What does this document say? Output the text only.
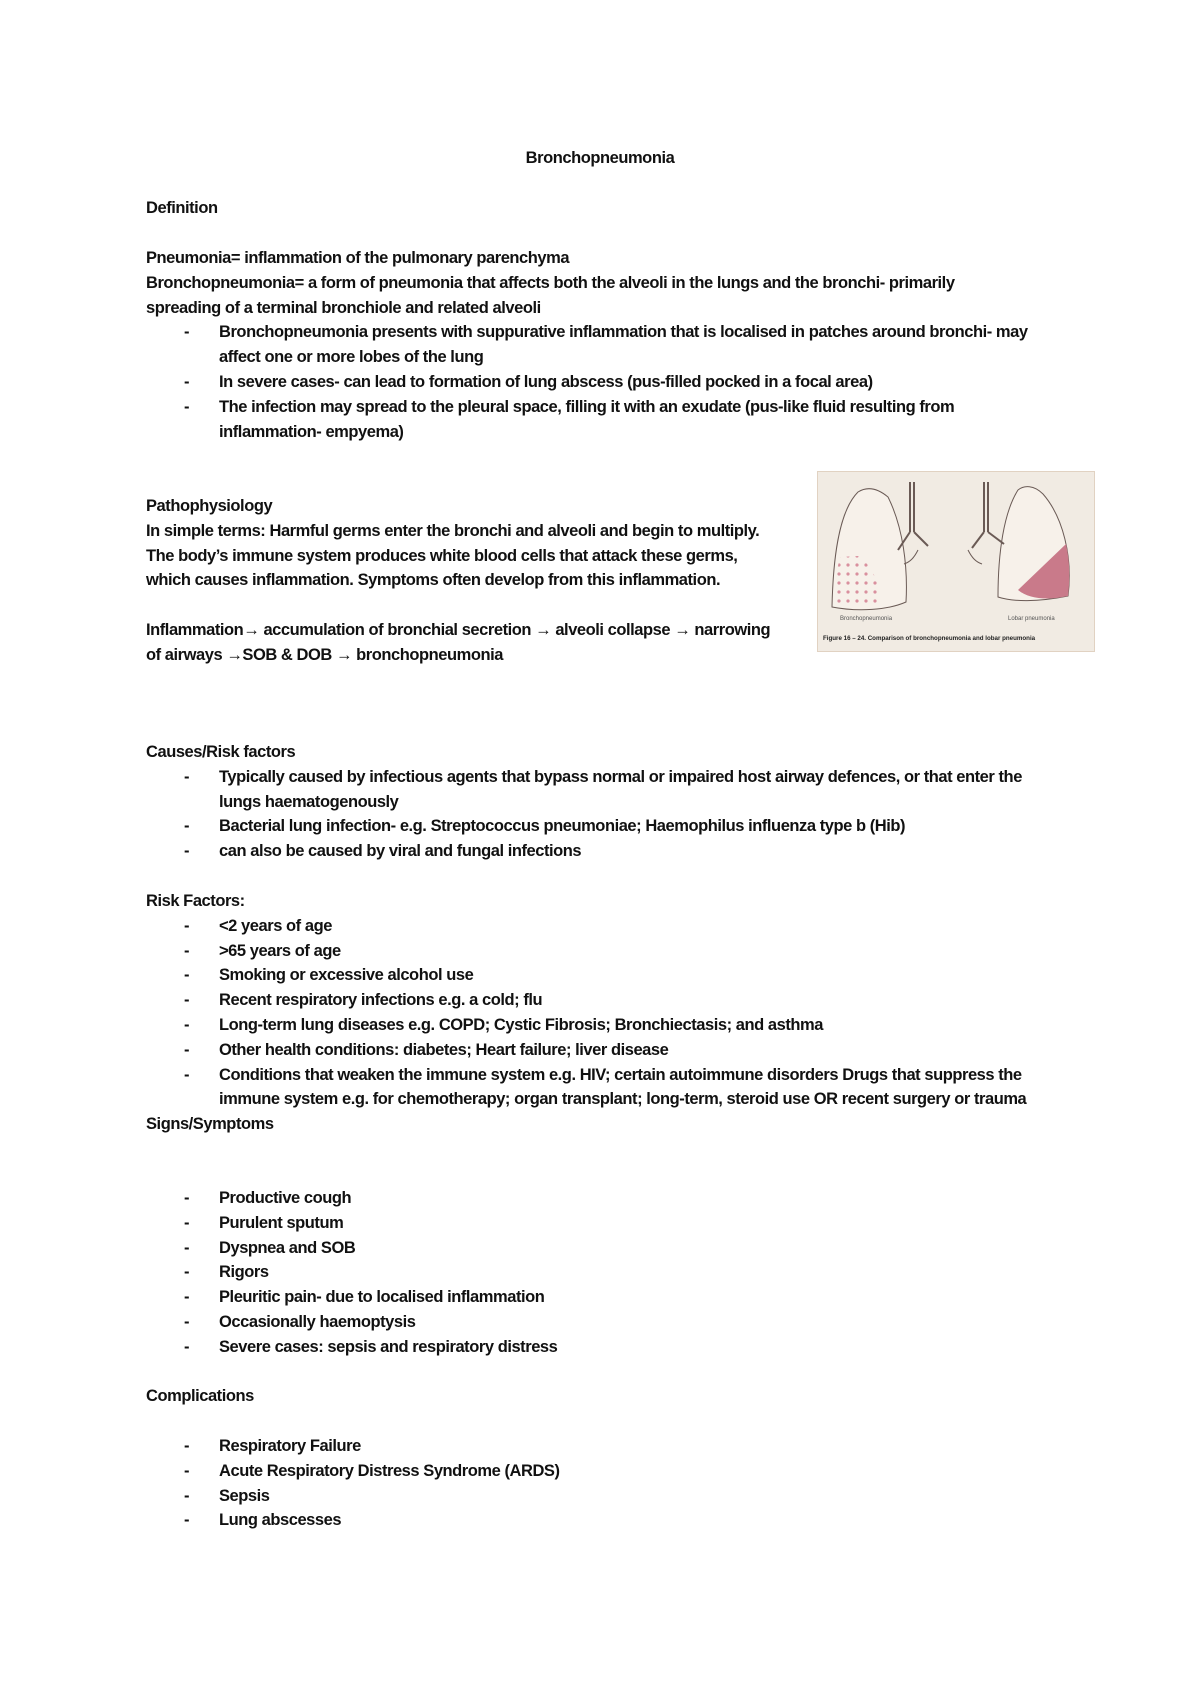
Bronchopneumonia
Definition
Pneumonia= inflammation of the pulmonary parenchyma
Bronchopneumonia= a form of pneumonia that affects both the alveoli in the lungs and the bronchi- primarily
spreading of a terminal bronchiole and related alveoli
- Bronchopneumonia presents with suppurative inflammation that is localised in patches around bronchi- may affect one or more lobes of the lung
- In severe cases- can lead to formation of lung abscess (pus-filled pocked in a focal area)
- The infection may spread to the pleural space, filling it with an exudate (pus-like fluid resulting from inflammation- empyema)
Pathophysiology
In simple terms: Harmful germs enter the bronchi and alveoli and begin to multiply. The body’s immune system produces white blood cells that attack these germs, which causes inflammation. Symptoms often develop from this inflammation.
Inflammation→ accumulation of bronchial secretion → alveoli collapse → narrowing of airways →SOB & DOB → bronchopneumonia
Bronchopneumonia	Lobar pneumonia
Figure 16 – 24. Comparison of bronchopneumonia and lobar pneumonia
Causes/Risk factors
- Typically caused by infectious agents that bypass normal or impaired host airway defences, or that enter the lungs haematogenously
- Bacterial lung infection- e.g. Streptococcus pneumoniae; Haemophilus influenza type b (Hib)
- can also be caused by viral and fungal infections
Risk Factors:
- <2 years of age
- >65 years of age
- Smoking or excessive alcohol use
- Recent respiratory infections e.g. a cold; flu
- Long-term lung diseases e.g. COPD; Cystic Fibrosis; Bronchiectasis; and asthma
- Other health conditions: diabetes; Heart failure; liver disease
- Conditions that weaken the immune system e.g. HIV; certain autoimmune disorders Drugs that suppress the immune system e.g. for chemotherapy; organ transplant; long-term, steroid use OR recent surgery or trauma
Signs/Symptoms
- Productive cough
- Purulent sputum
- Dyspnea and SOB
- Rigors
- Pleuritic pain- due to localised inflammation
- Occasionally haemoptysis
- Severe cases: sepsis and respiratory distress
Complications
- Respiratory Failure
- Acute Respiratory Distress Syndrome (ARDS)
- Sepsis
- Lung abscesses
